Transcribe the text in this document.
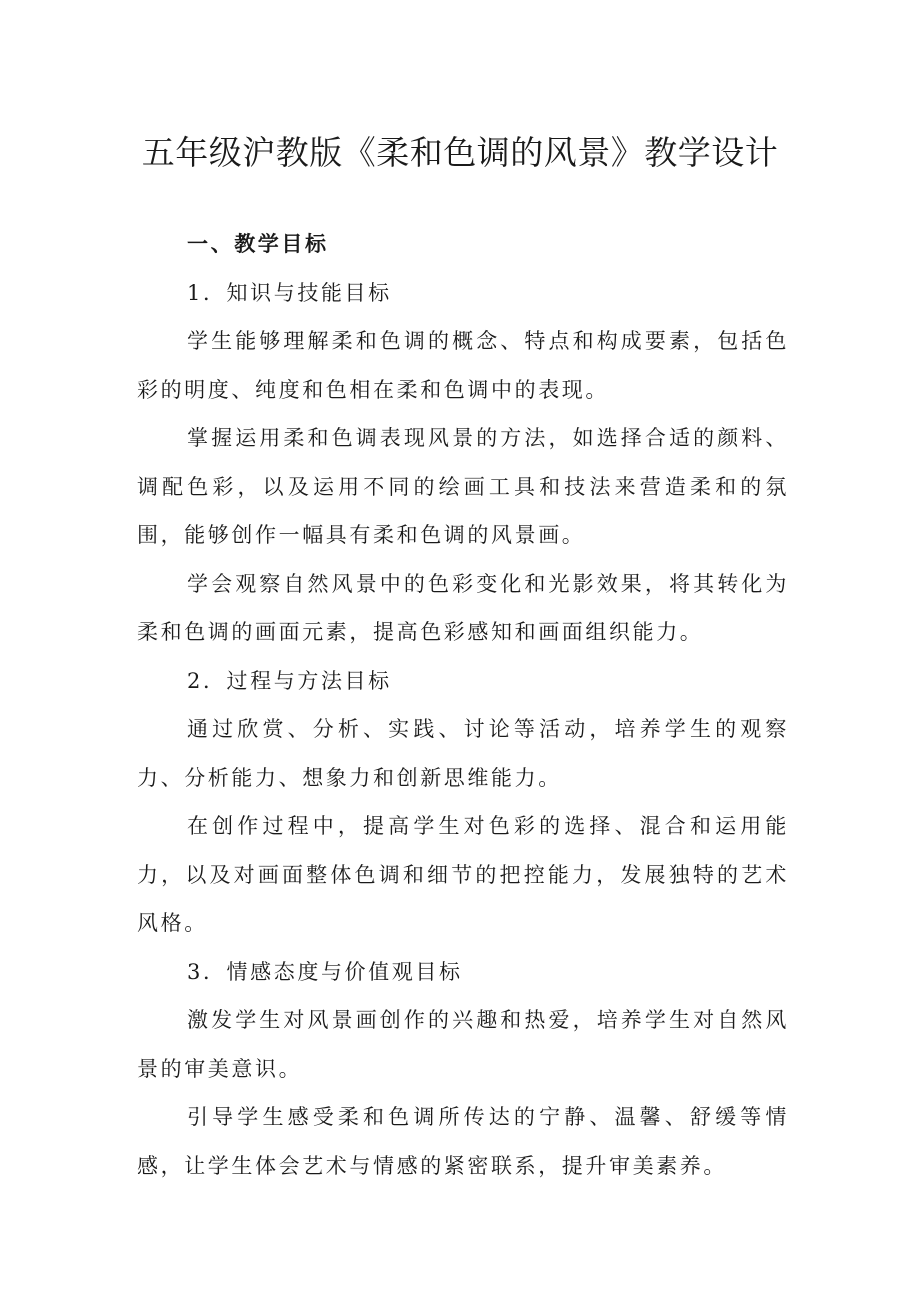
五年级沪教版《柔和色调的风景》教学设计

一、教学目标

1．知识与技能目标

学生能够理解柔和色调的概念、特点和构成要素，包括色彩的明度、纯度和色相在柔和色调中的表现。

掌握运用柔和色调表现风景的方法，如选择合适的颜料、调配色彩，以及运用不同的绘画工具和技法来营造柔和的氛围，能够创作一幅具有柔和色调的风景画。

学会观察自然风景中的色彩变化和光影效果，将其转化为柔和色调的画面元素，提高色彩感知和画面组织能力。

2．过程与方法目标

通过欣赏、分析、实践、讨论等活动，培养学生的观察力、分析能力、想象力和创新思维能力。

在创作过程中，提高学生对色彩的选择、混合和运用能力，以及对画面整体色调和细节的把控能力，发展独特的艺术风格。

3．情感态度与价值观目标

激发学生对风景画创作的兴趣和热爱，培养学生对自然风景的审美意识。

引导学生感受柔和色调所传达的宁静、温馨、舒缓等情感，让学生体会艺术与情感的紧密联系，提升审美素养。
